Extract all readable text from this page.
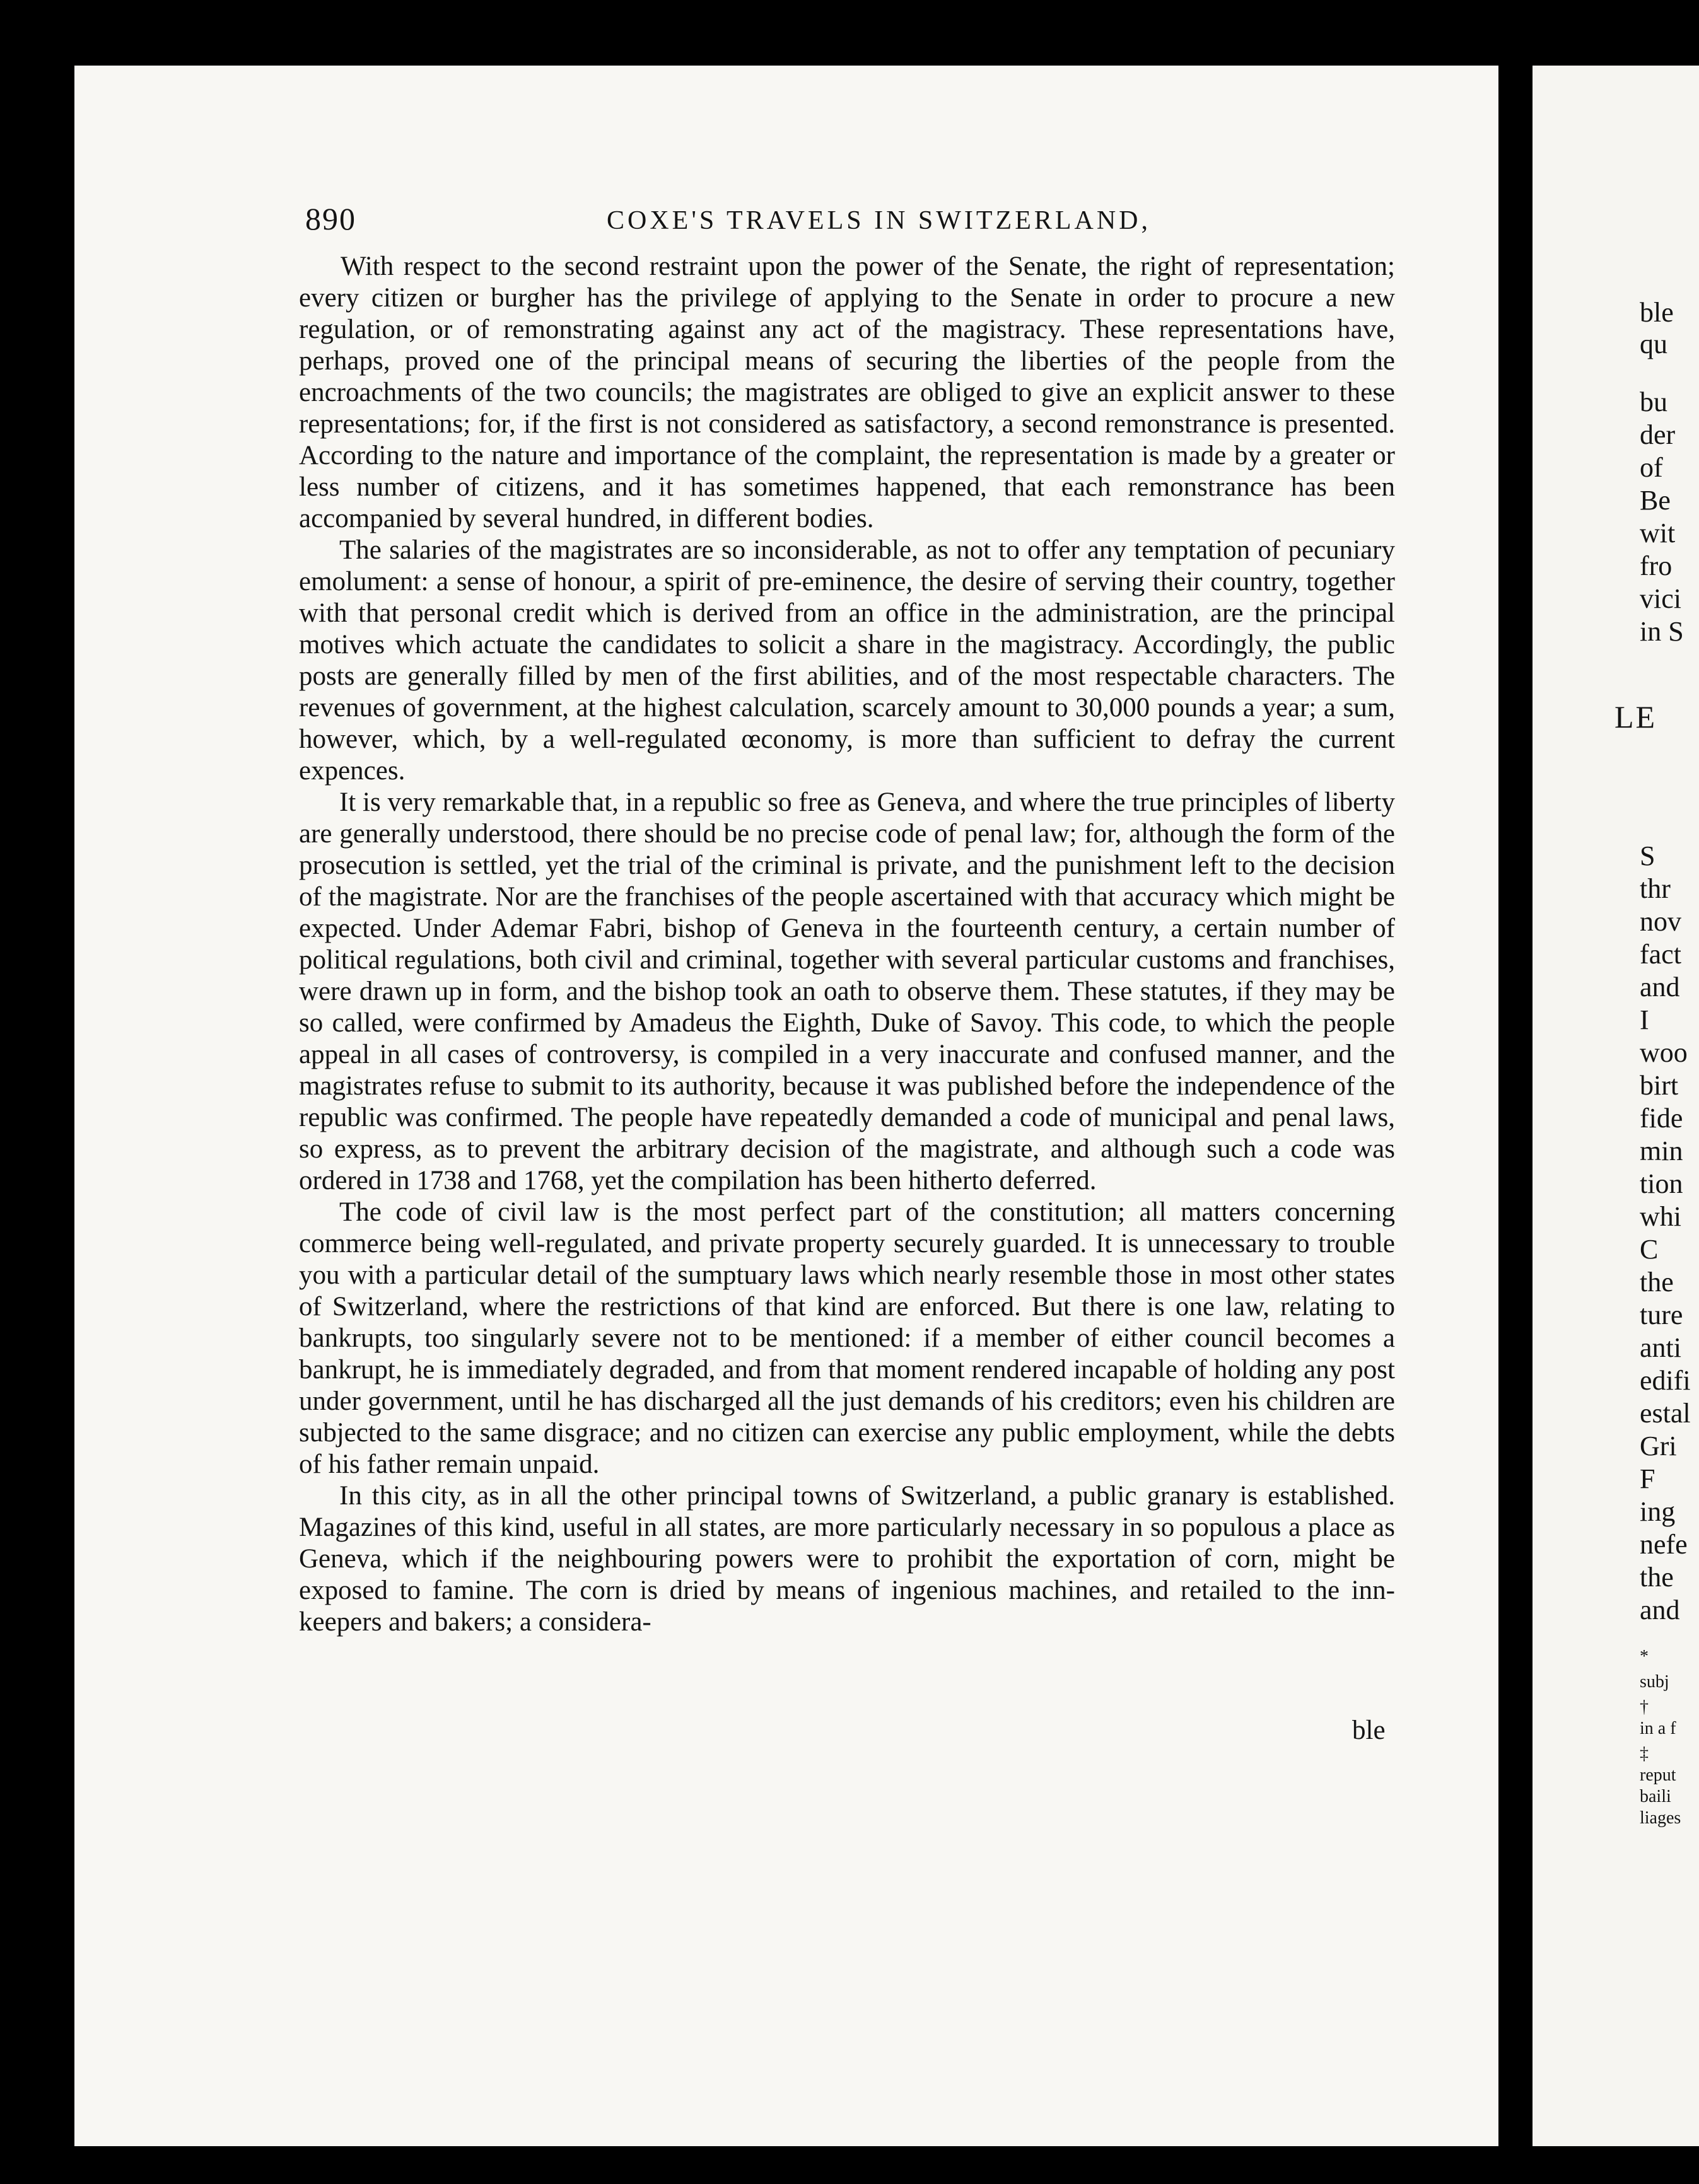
890	COXE'S TRAVELS IN SWITZERLAND,

With respect to the second restraint upon the power of the Senate, the right of representation; every citizen or burgher has the privilege of applying to the Senate in order to procure a new regulation, or of remonstrating against any act of the magistracy. These representations have, perhaps, proved one of the principal means of securing the liberties of the people from the encroachments of the two councils; the magistrates are obliged to give an explicit answer to these representations; for, if the first is not considered as satisfactory, a second remonstrance is presented. According to the nature and importance of the complaint, the representation is made by a greater or less number of citizens, and it has sometimes happened, that each remonstrance has been accompanied by several hundred, in different bodies.

The salaries of the magistrates are so inconsiderable, as not to offer any temptation of pecuniary emolument: a sense of honour, a spirit of pre-eminence, the desire of serving their country, together with that personal credit which is derived from an office in the administration, are the principal motives which actuate the candidates to solicit a share in the magistracy. Accordingly, the public posts are generally filled by men of the first abilities, and of the most respectable characters. The revenues of government, at the highest calculation, scarcely amount to 30,000 pounds a year; a sum, however, which, by a well-regulated œconomy, is more than sufficient to defray the current expences.

It is very remarkable that, in a republic so free as Geneva, and where the true principles of liberty are generally understood, there should be no precise code of penal law; for, although the form of the prosecution is settled, yet the trial of the criminal is private, and the punishment left to the decision of the magistrate. Nor are the franchises of the people ascertained with that accuracy which might be expected. Under Ademar Fabri, bishop of Geneva in the fourteenth century, a certain number of political regulations, both civil and criminal, together with several particular customs and franchises, were drawn up in form, and the bishop took an oath to observe them. These statutes, if they may be so called, were confirmed by Amadeus the Eighth, Duke of Savoy. This code, to which the people appeal in all cases of controversy, is compiled in a very inaccurate and confused manner, and the magistrates refuse to submit to its authority, because it was published before the independence of the republic was confirmed. The people have repeatedly demanded a code of municipal and penal laws, so express, as to prevent the arbitrary decision of the magistrate, and although such a code was ordered in 1738 and 1768, yet the compilation has been hitherto deferred.

The code of civil law is the most perfect part of the constitution; all matters concerning commerce being well-regulated, and private property securely guarded. It is unnecessary to trouble you with a particular detail of the sumptuary laws which nearly resemble those in most other states of Switzerland, where the restrictions of that kind are enforced. But there is one law, relating to bankrupts, too singularly severe not to be mentioned: if a member of either council becomes a bankrupt, he is immediately degraded, and from that moment rendered incapable of holding any post under government, until he has discharged all the just demands of his creditors; even his children are subjected to the same disgrace; and no citizen can exercise any public employment, while the debts of his father remain unpaid.

In this city, as in all the other principal towns of Switzerland, a public granary is established. Magazines of this kind, useful in all states, are more particularly necessary in so populous a place as Geneva, which if the neighbouring powers were to prohibit the exportation of corn, might be exposed to famine. The corn is dried by means of ingenious machines, and retailed to the inn-keepers and bakers; a considera-

ble
ble
qu
bu
der
of
Be
wit
fro
vici
in S
LE
S
thr
nov
fact
and
I
woo
birt
fide
min
tion
whi
C
the
ture
anti
edifi
estal
Gri
F
ing
nefe
the
and
*
subj
†
in a f
‡
reput
baili
liages
